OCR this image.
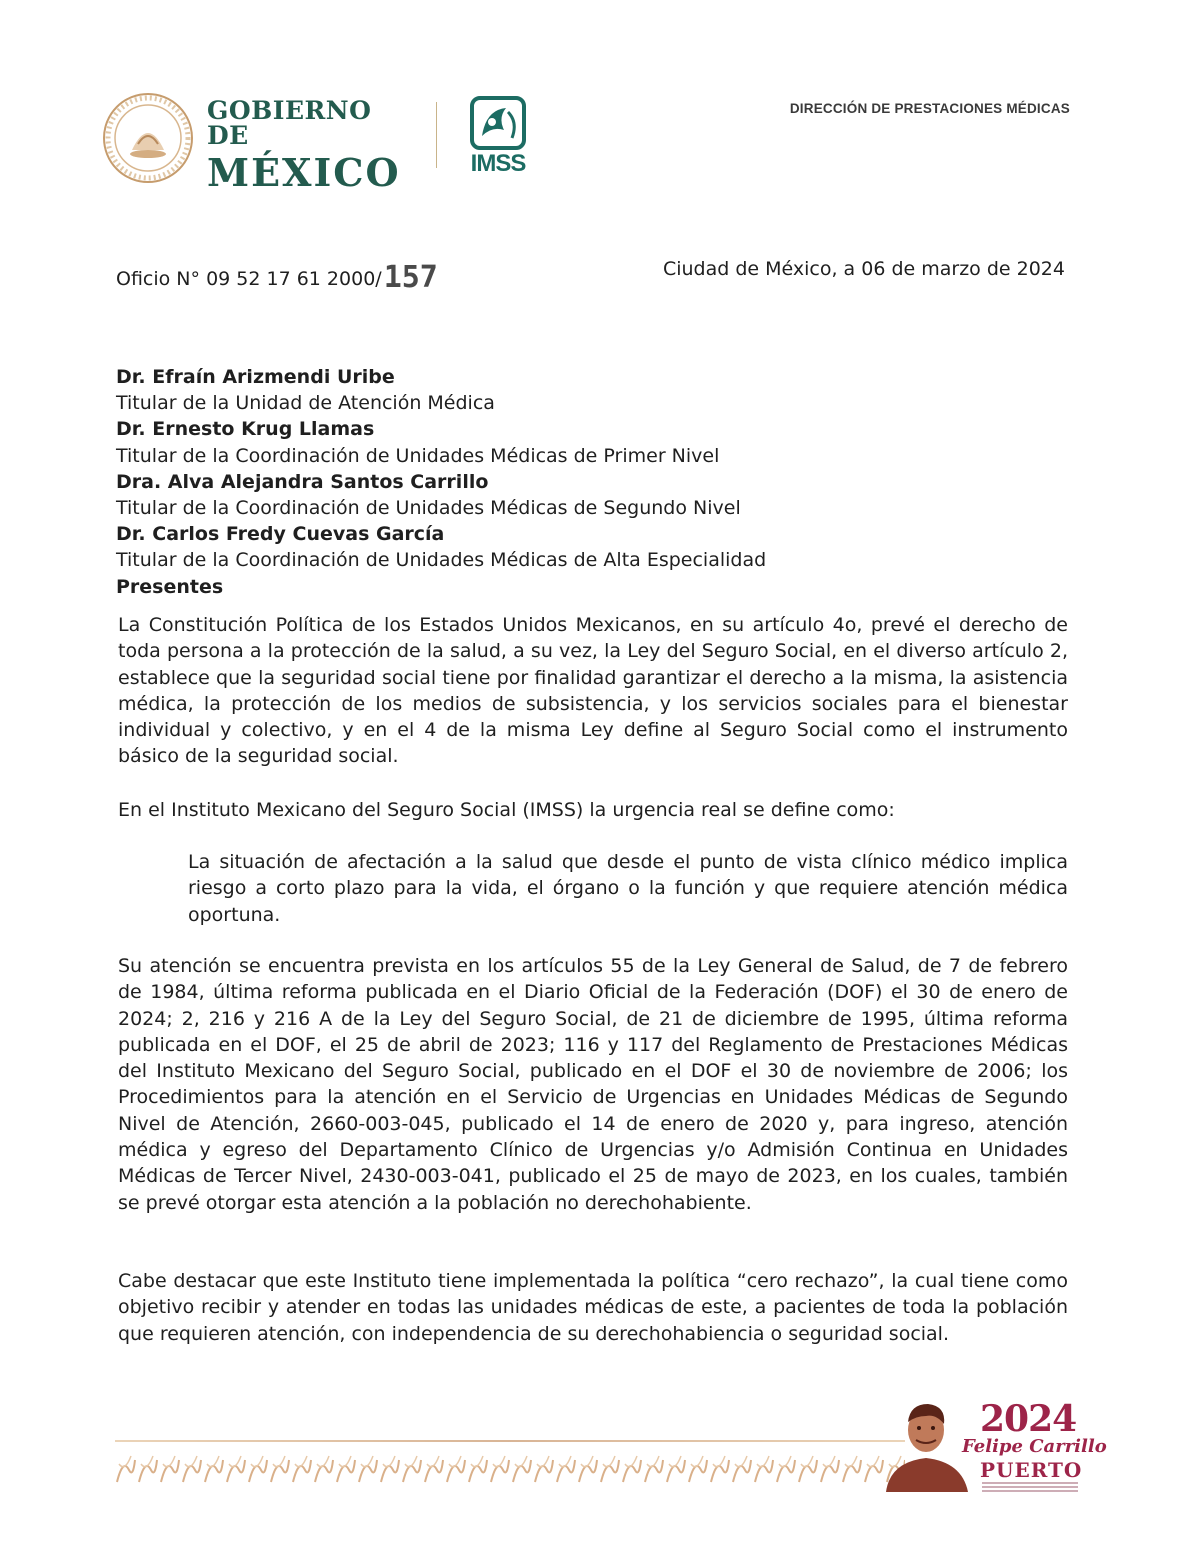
GOBIERNO DE
MÉXICO	IMSS
DIRECCIÓN DE PRESTACIONES MÉDICAS
Oficio N° 09 52 17 61 2000/157	Ciudad de México, a 06 de marzo de 2024
Dr. Efraín Arizmendi Uribe
Titular de la Unidad de Atención Médica
Dr. Ernesto Krug Llamas
Titular de la Coordinación de Unidades Médicas de Primer Nivel
Dra. Alva Alejandra Santos Carrillo
Titular de la Coordinación de Unidades Médicas de Segundo Nivel
Dr. Carlos Fredy Cuevas García
Titular de la Coordinación de Unidades Médicas de Alta Especialidad
Presentes

La Constitución Política de los Estados Unidos Mexicanos, en su artículo 4o, prevé el derecho de toda persona a la protección de la salud, a su vez, la Ley del Seguro Social, en el diverso artículo 2, establece que la seguridad social tiene por finalidad garantizar el derecho a la misma, la asistencia médica, la protección de los medios de subsistencia, y los servicios sociales para el bienestar individual y colectivo, y en el 4 de la misma Ley define al Seguro Social como el instrumento básico de la seguridad social.

En el Instituto Mexicano del Seguro Social (IMSS) la urgencia real se define como:

La situación de afectación a la salud que desde el punto de vista clínico médico implica riesgo a corto plazo para la vida, el órgano o la función y que requiere atención médica oportuna.

Su atención se encuentra prevista en los artículos 55 de la Ley General de Salud, de 7 de febrero de 1984, última reforma publicada en el Diario Oficial de la Federación (DOF) el 30 de enero de 2024; 2, 216 y 216 A de la Ley del Seguro Social, de 21 de diciembre de 1995, última reforma publicada en el DOF, el 25 de abril de 2023; 116 y 117 del Reglamento de Prestaciones Médicas del Instituto Mexicano del Seguro Social, publicado en el DOF el 30 de noviembre de 2006; los Procedimientos para la atención en el Servicio de Urgencias en Unidades Médicas de Segundo Nivel de Atención, 2660-003-045, publicado el 14 de enero de 2020 y, para ingreso, atención médica y egreso del Departamento Clínico de Urgencias y/o Admisión Continua en Unidades Médicas de Tercer Nivel, 2430-003-041, publicado el 25 de mayo de 2023, en los cuales, también se prevé otorgar esta atención a la población no derechohabiente.

Cabe destacar que este Instituto tiene implementada la política “cero rechazo”, la cual tiene como objetivo recibir y atender en todas las unidades médicas de este, a pacientes de toda la población que requieren atención, con independencia de su derechohabiencia o seguridad social.

2024
Felipe Carrillo
PUERTO
